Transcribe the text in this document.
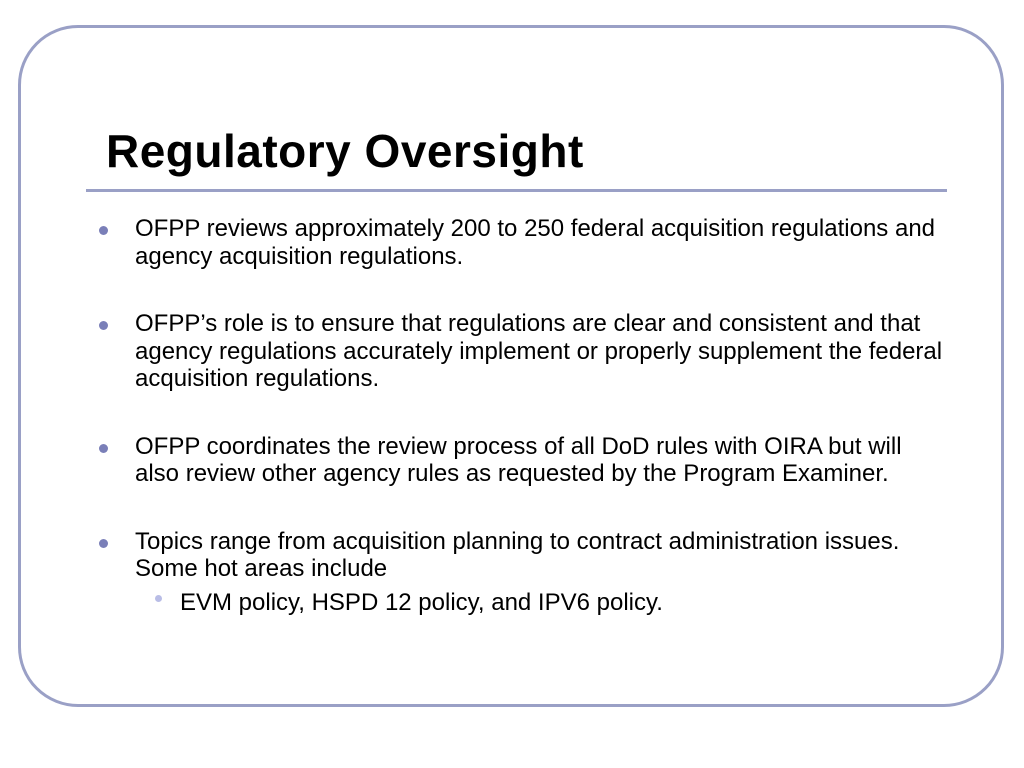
Regulatory Oversight
OFPP reviews approximately 200 to 250 federal acquisition regulations and agency acquisition regulations.
OFPP’s role is to ensure that regulations are clear and consistent and that agency regulations accurately implement or properly supplement the federal acquisition regulations.
OFPP coordinates the review process of all DoD rules with OIRA but will also review other agency rules as requested by the Program Examiner.
Topics range from acquisition planning to contract administration issues. Some hot areas include
EVM policy, HSPD 12 policy, and IPV6 policy.
